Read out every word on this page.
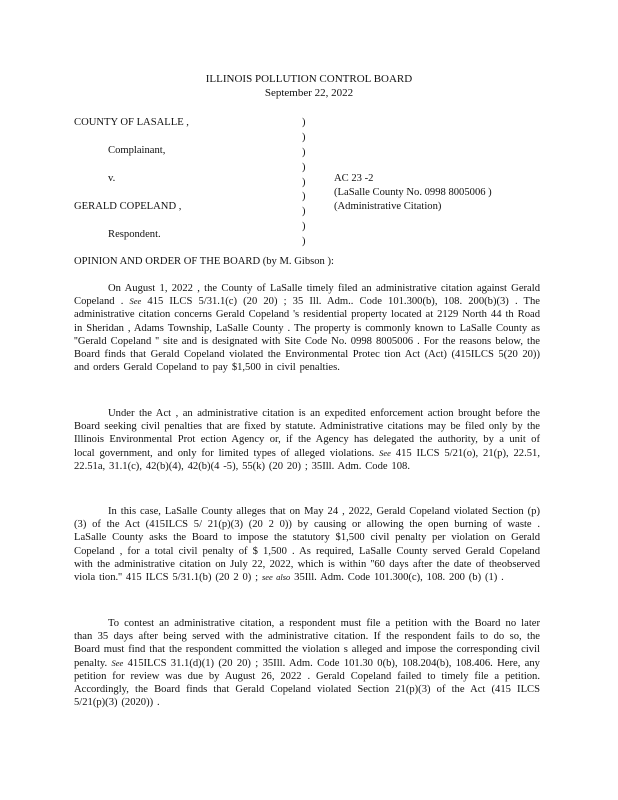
ILLINOIS POLLUTION CONTROL BOARD
September 22, 2022
COUNTY OF LASALLE ,
Complainant,
v.
GERALD COPELAND ,
Respondent.
)
)
)
)
)
)
)
)
)
AC 23 -2
(LaSalle County No. 0998 8005006 )
(Administrative Citation)
OPINION AND ORDER OF THE BOARD (by M. Gibson ):
On August 1, 2022 , the County of LaSalle timely filed an administrative citation against Gerald Copeland . See 415 ILCS 5/31.1(c) (20 20) ; 35 Ill. Adm.. Code 101.300(b), 108. 200(b)(3) . The administrative citation concerns Gerald Copeland 's residential property located at 2129 North 44 th Road in Sheridan , Adams Township, LaSalle County . The property is commonly known to LaSalle County as ''Gerald Copeland '' site and is designated with Site Code No. 0998 8005006 . For the reasons below, the Board finds that Gerald Copeland violated the Environmental Protec tion Act (Act) (415ILCS 5(20 20)) and orders Gerald Copeland to pay $1,500 in civil penalties.
Under the Act , an administrative citation is an expedited enforcement action brought before the Board seeking civil penalties that are fixed by statute. Administrative citations may be filed only by the Illinois Environmental Prot ection Agency or, if the Agency has delegated the authority, by a unit of local government, and only for limited types of alleged violations. See 415 ILCS 5/21(o), 21(p), 22.51, 22.51a, 31.1(c), 42(b)(4), 42(b)(4 -5), 55(k) (20 20) ; 35Ill. Adm. Code 108.
In this case, LaSalle County alleges that on May 24 , 2022, Gerald Copeland violated Section (p)(3) of the Act (415ILCS 5/ 21(p)(3) (20 2 0)) by causing or allowing the open burning of waste . LaSalle County asks the Board to impose the statutory $1,500 civil penalty per violation on Gerald Copeland , for a total civil penalty of $ 1,500 . As required, LaSalle County served Gerald Copeland with the administrative citation on July 22, 2022, which is within ''60 days after the date of theobserved viola tion.'' 415 ILCS 5/31.1(b) (20 2 0) ; see also 35Ill. Adm. Code 101.300(c), 108. 200 (b) (1) .
To contest an administrative citation, a respondent must file a petition with the Board no later than 35 days after being served with the administrative citation. If the respondent fails to do so, the Board must find that the respondent committed the violation s alleged and impose the corresponding civil penalty. See 415ILCS 31.1(d)(1) (20 20) ; 35Ill. Adm. Code 101.30 0(b), 108.204(b), 108.406. Here, any petition for review was due by August 26, 2022 . Gerald Copeland failed to timely file a petition. Accordingly, the Board finds that Gerald Copeland violated Section 21(p)(3) of the Act (415 ILCS 5/21(p)(3) (2020)) .
